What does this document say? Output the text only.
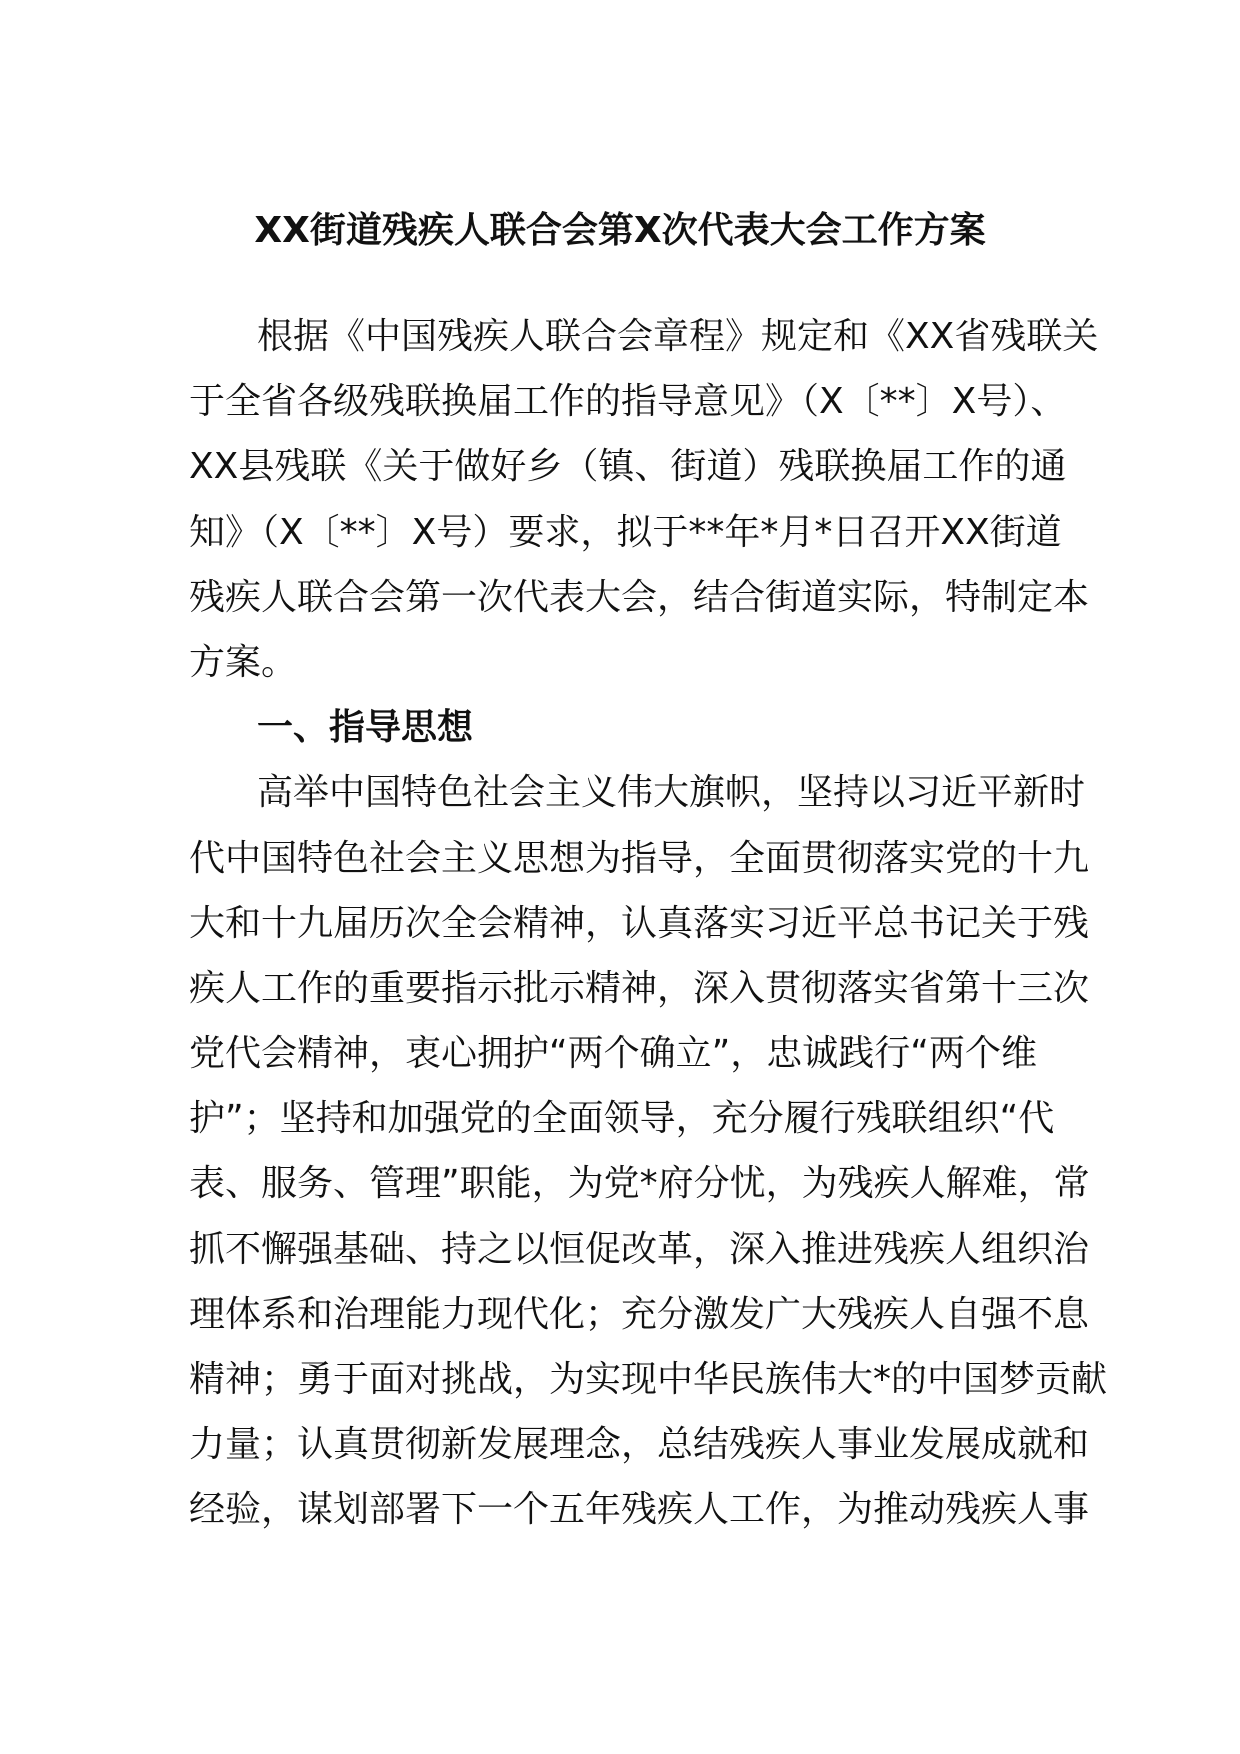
XX街道残疾人联合会第X次代表大会工作方案
根据《中国残疾人联合会章程》规定和《XX省残联关
于全省各级残联换届工作的指导意见》（X〔**〕X号）、
XX县残联《关于做好乡（镇、街道）残联换届工作的通
知》（X〔**〕X号）要求，拟于**年*月*日召开XX街道
残疾人联合会第一次代表大会，结合街道实际，特制定本
方案。
一、指导思想
高举中国特色社会主义伟大旗帜，坚持以习近平新时
代中国特色社会主义思想为指导，全面贯彻落实党的十九
大和十九届历次全会精神，认真落实习近平总书记关于残
疾人工作的重要指示批示精神，深入贯彻落实省第十三次
党代会精神，衷心拥护“两个确立”，忠诚践行“两个维
护”；坚持和加强党的全面领导，充分履行残联组织“代
表、服务、管理”职能，为党*府分忧，为残疾人解难，常
抓不懈强基础、持之以恒促改革，深入推进残疾人组织治
理体系和治理能力现代化；充分激发广大残疾人自强不息
精神；勇于面对挑战，为实现中华民族伟大*的中国梦贡献
力量；认真贯彻新发展理念，总结残疾人事业发展成就和
经验，谋划部署下一个五年残疾人工作，为推动残疾人事
